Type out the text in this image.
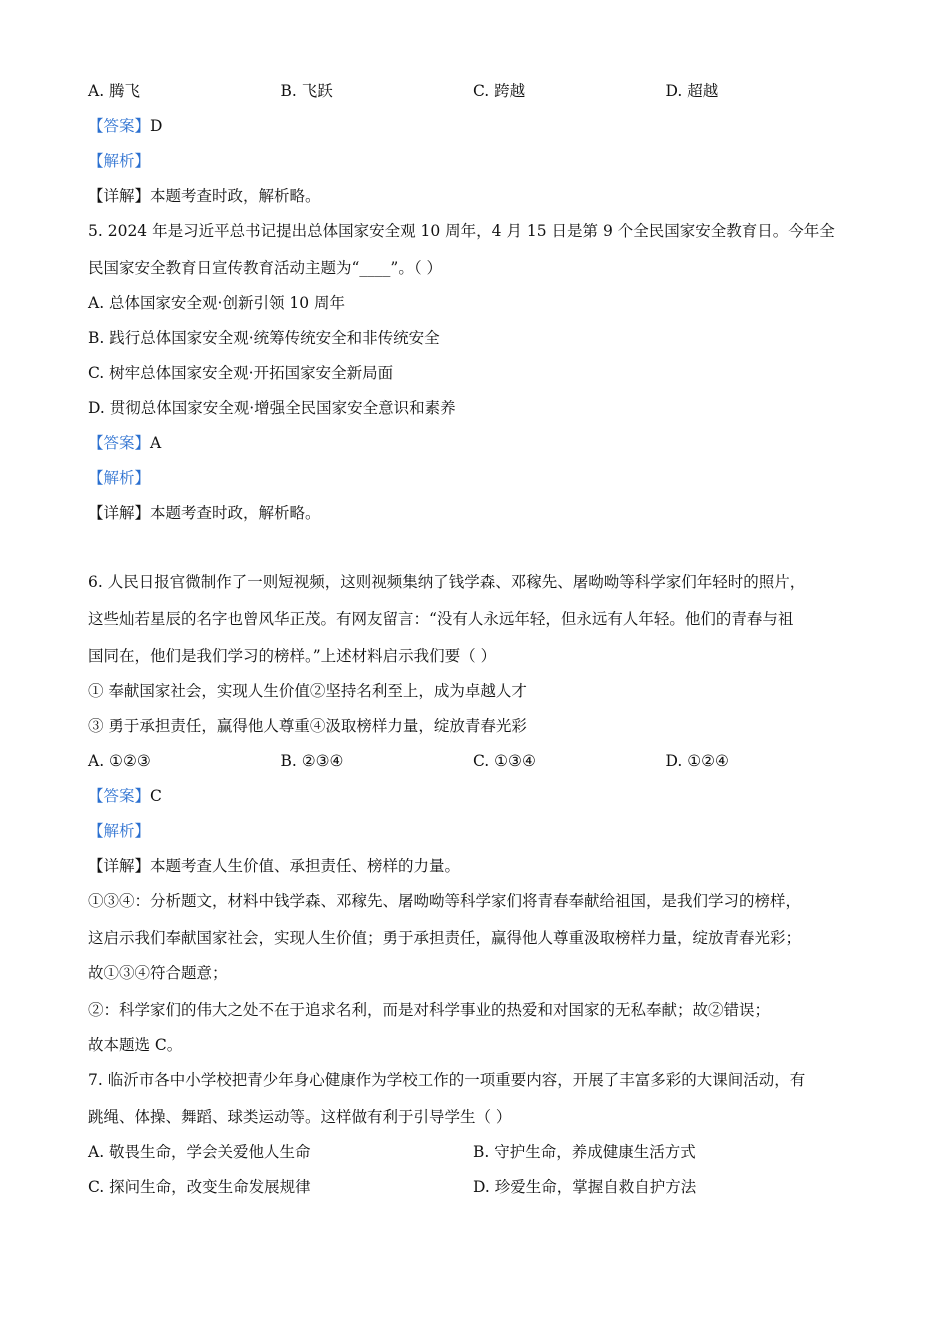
A. 腾飞	B. 飞跃	C. 跨越	D. 超越
【答案】D
【解析】
【详解】本题考查时政，解析略。
5. 2024 年是习近平总书记提出总体国家安全观 10 周年，4 月 15 日是第 9 个全民国家安全教育日。今年全
民国家安全教育日宣传教育活动主题为“____”。（ ）
A. 总体国家安全观·创新引领 10 周年
B. 践行总体国家安全观·统筹传统安全和非传统安全
C. 树牢总体国家安全观·开拓国家安全新局面
D. 贯彻总体国家安全观·增强全民国家安全意识和素养
【答案】A
【解析】
【详解】本题考查时政，解析略。
6. 人民日报官微制作了一则短视频，这则视频集纳了钱学森、邓稼先、屠呦呦等科学家们年轻时的照片，
这些灿若星辰的名字也曾风华正茂。有网友留言：“没有人永远年轻，但永远有人年轻。他们的青春与祖
国同在，他们是我们学习的榜样。”上述材料启示我们要（ ）
① 奉献国家社会，实现人生价值②坚持名利至上，成为卓越人才
③ 勇于承担责任，赢得他人尊重④汲取榜样力量，绽放青春光彩
A. ①②③	B. ②③④	C. ①③④	D. ①②④
【答案】C
【解析】
【详解】本题考查人生价值、承担责任、榜样的力量。
①③④：分析题文，材料中钱学森、邓稼先、屠呦呦等科学家们将青春奉献给祖国，是我们学习的榜样，
这启示我们奉献国家社会，实现人生价值；勇于承担责任，赢得他人尊重汲取榜样力量，绽放青春光彩；
故①③④符合题意；
②：科学家们的伟大之处不在于追求名利，而是对科学事业的热爱和对国家的无私奉献；故②错误；
故本题选 C。
7. 临沂市各中小学校把青少年身心健康作为学校工作的一项重要内容，开展了丰富多彩的大课间活动，有
跳绳、体操、舞蹈、球类运动等。这样做有利于引导学生（ ）
A. 敬畏生命，学会关爱他人生命	B. 守护生命，养成健康生活方式
C. 探问生命，改变生命发展规律	D. 珍爱生命，掌握自救自护方法
